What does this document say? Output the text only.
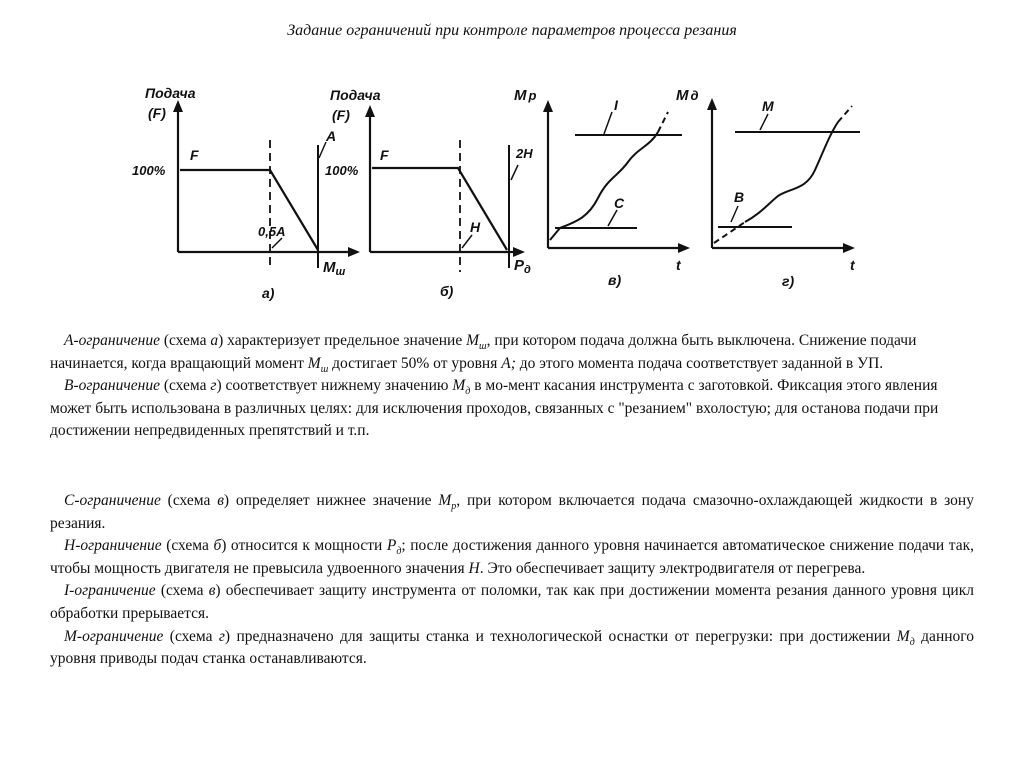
Задание ограничений при контроле параметров процесса резания
Подача
(F)
100%
F
A
0,5A
$М_ш$
а)
Подача
(F)
100%
F	2H
H
$P_д$
б)
М р
I
C
t
в)
М д
M
B
t
г)

А-ограничение (схема а) характеризует предельное значение $М_ш$, при котором подача должна быть выключена. Снижение подачи начинается, когда вращающий момент $М_ш$ достигает 50% от уровня А; до этого момента подача соответствует заданной в УП.

В-ограничение (схема г) соответствует нижнему значению $М_д$ в мо-мент касания инструмента с заготовкой. Фиксация этого явления может быть использована в различных целях: для исключения проходов, связанных с "резанием" вхолостую; для останова подачи при достижении непредвиденных препятствий и т.п.

С-ограничение (схема в) определяет нижнее значение $М_р$, при котором включается подача смазочно-охлаждающей жидкости в зону резания.

Н-ограничение (схема б) относится к мощности $Р_д$; после достижения данного уровня начинается автоматическое снижение подачи так, чтобы мощность двигателя не превысила удвоенного значения Н. Это обеспечивает защиту электродвигателя от перегрева.

I-ограничение (схема в) обеспечивает защиту инструмента от поломки, так как при достижении момента резания данного уровня цикл обработки прерывается.

М-ограничение (схема г) предназначено для защиты станка и технологической оснастки от перегрузки: при достижении $М_д$ данного уровня приводы подач станка останавливаются.
